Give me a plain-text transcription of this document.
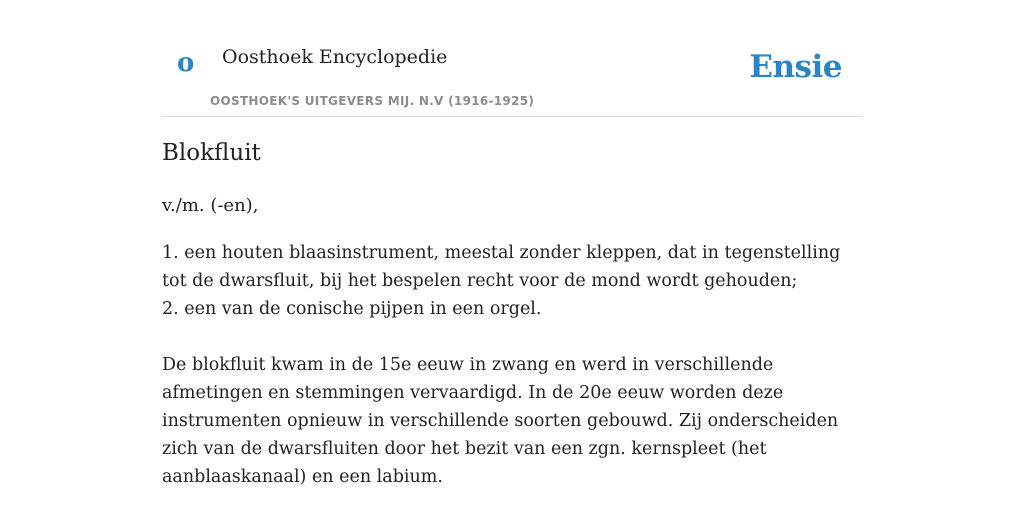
o Oosthoek Encyclopedie
OOSTHOEK'S UITGEVERS MIJ. N.V (1916-1925)
Ensie
Blokfluit
v./m. (-en),

1. een houten blaasinstrument, meestal zonder kleppen, dat in tegenstelling tot de dwarsfluit, bij het bespelen recht voor de mond wordt gehouden;

2. een van de conische pijpen in een orgel.

De blokfluit kwam in de 15e eeuw in zwang en werd in verschillende afmetingen en stemmingen vervaardigd. In de 20e eeuw worden deze instrumenten opnieuw in verschillende soorten gebouwd. Zij onderscheiden zich van de dwarsfluiten door het bezit van een zgn. kernspleet (het aanblaaskanaal) en een labium.
